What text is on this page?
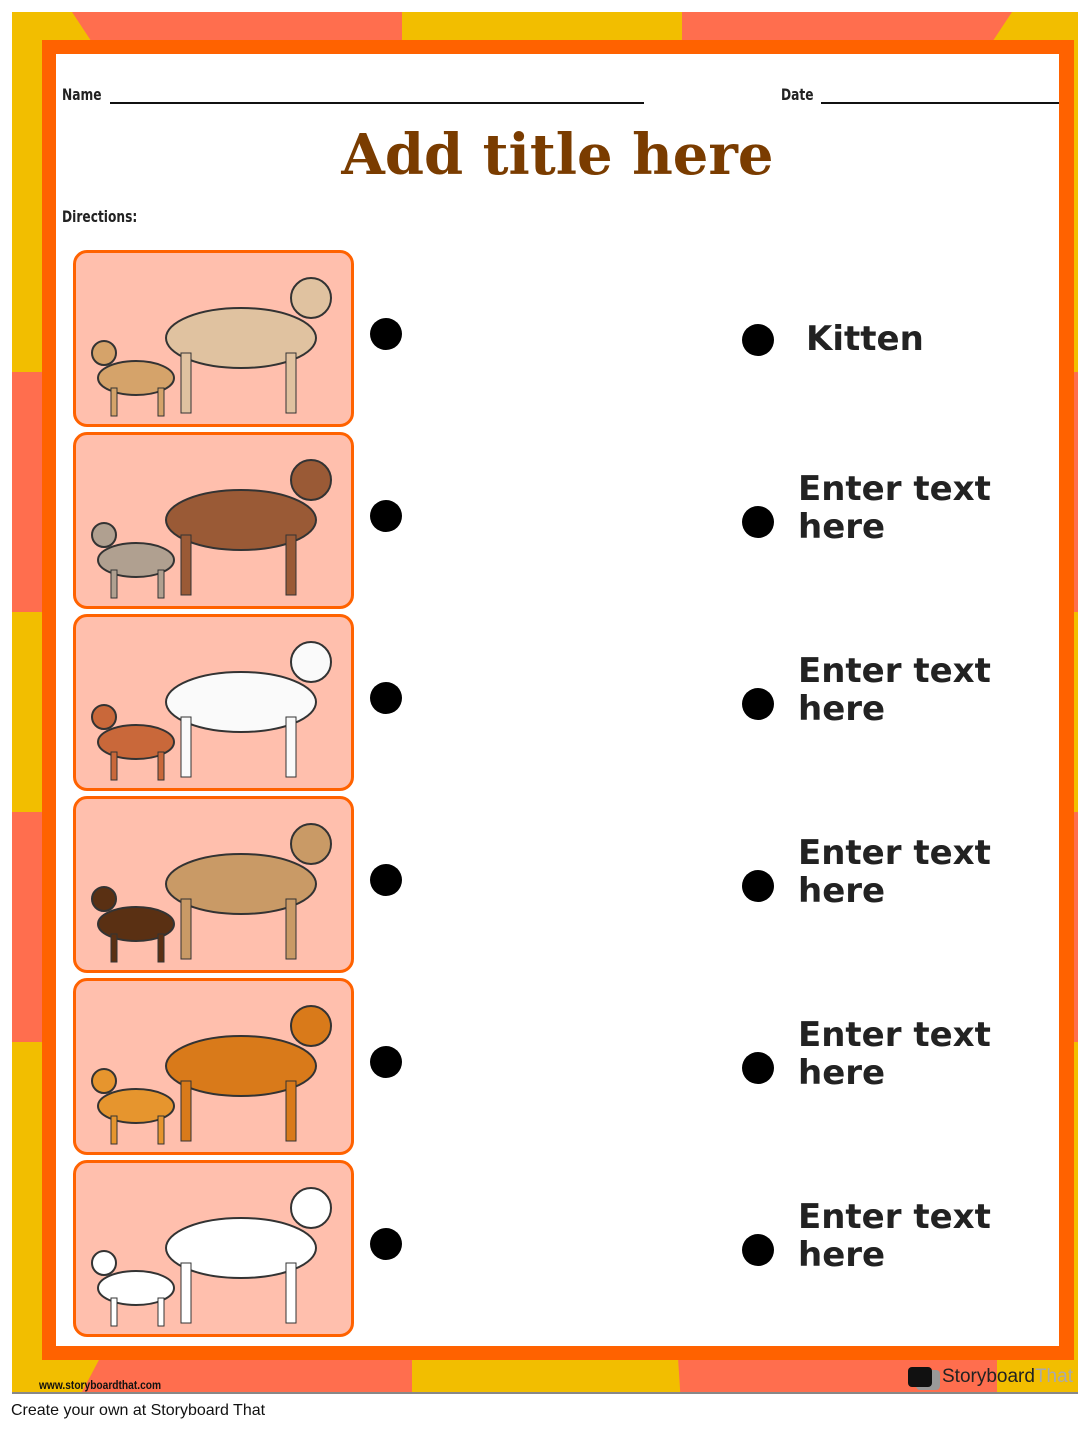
Name	Date
Add title here
Directions:
Kitten
Enter text here
Enter text here
Enter text here
Enter text here
Enter text here
www.storyboardthat.com	Storyboard That
Create your own at Storyboard That
